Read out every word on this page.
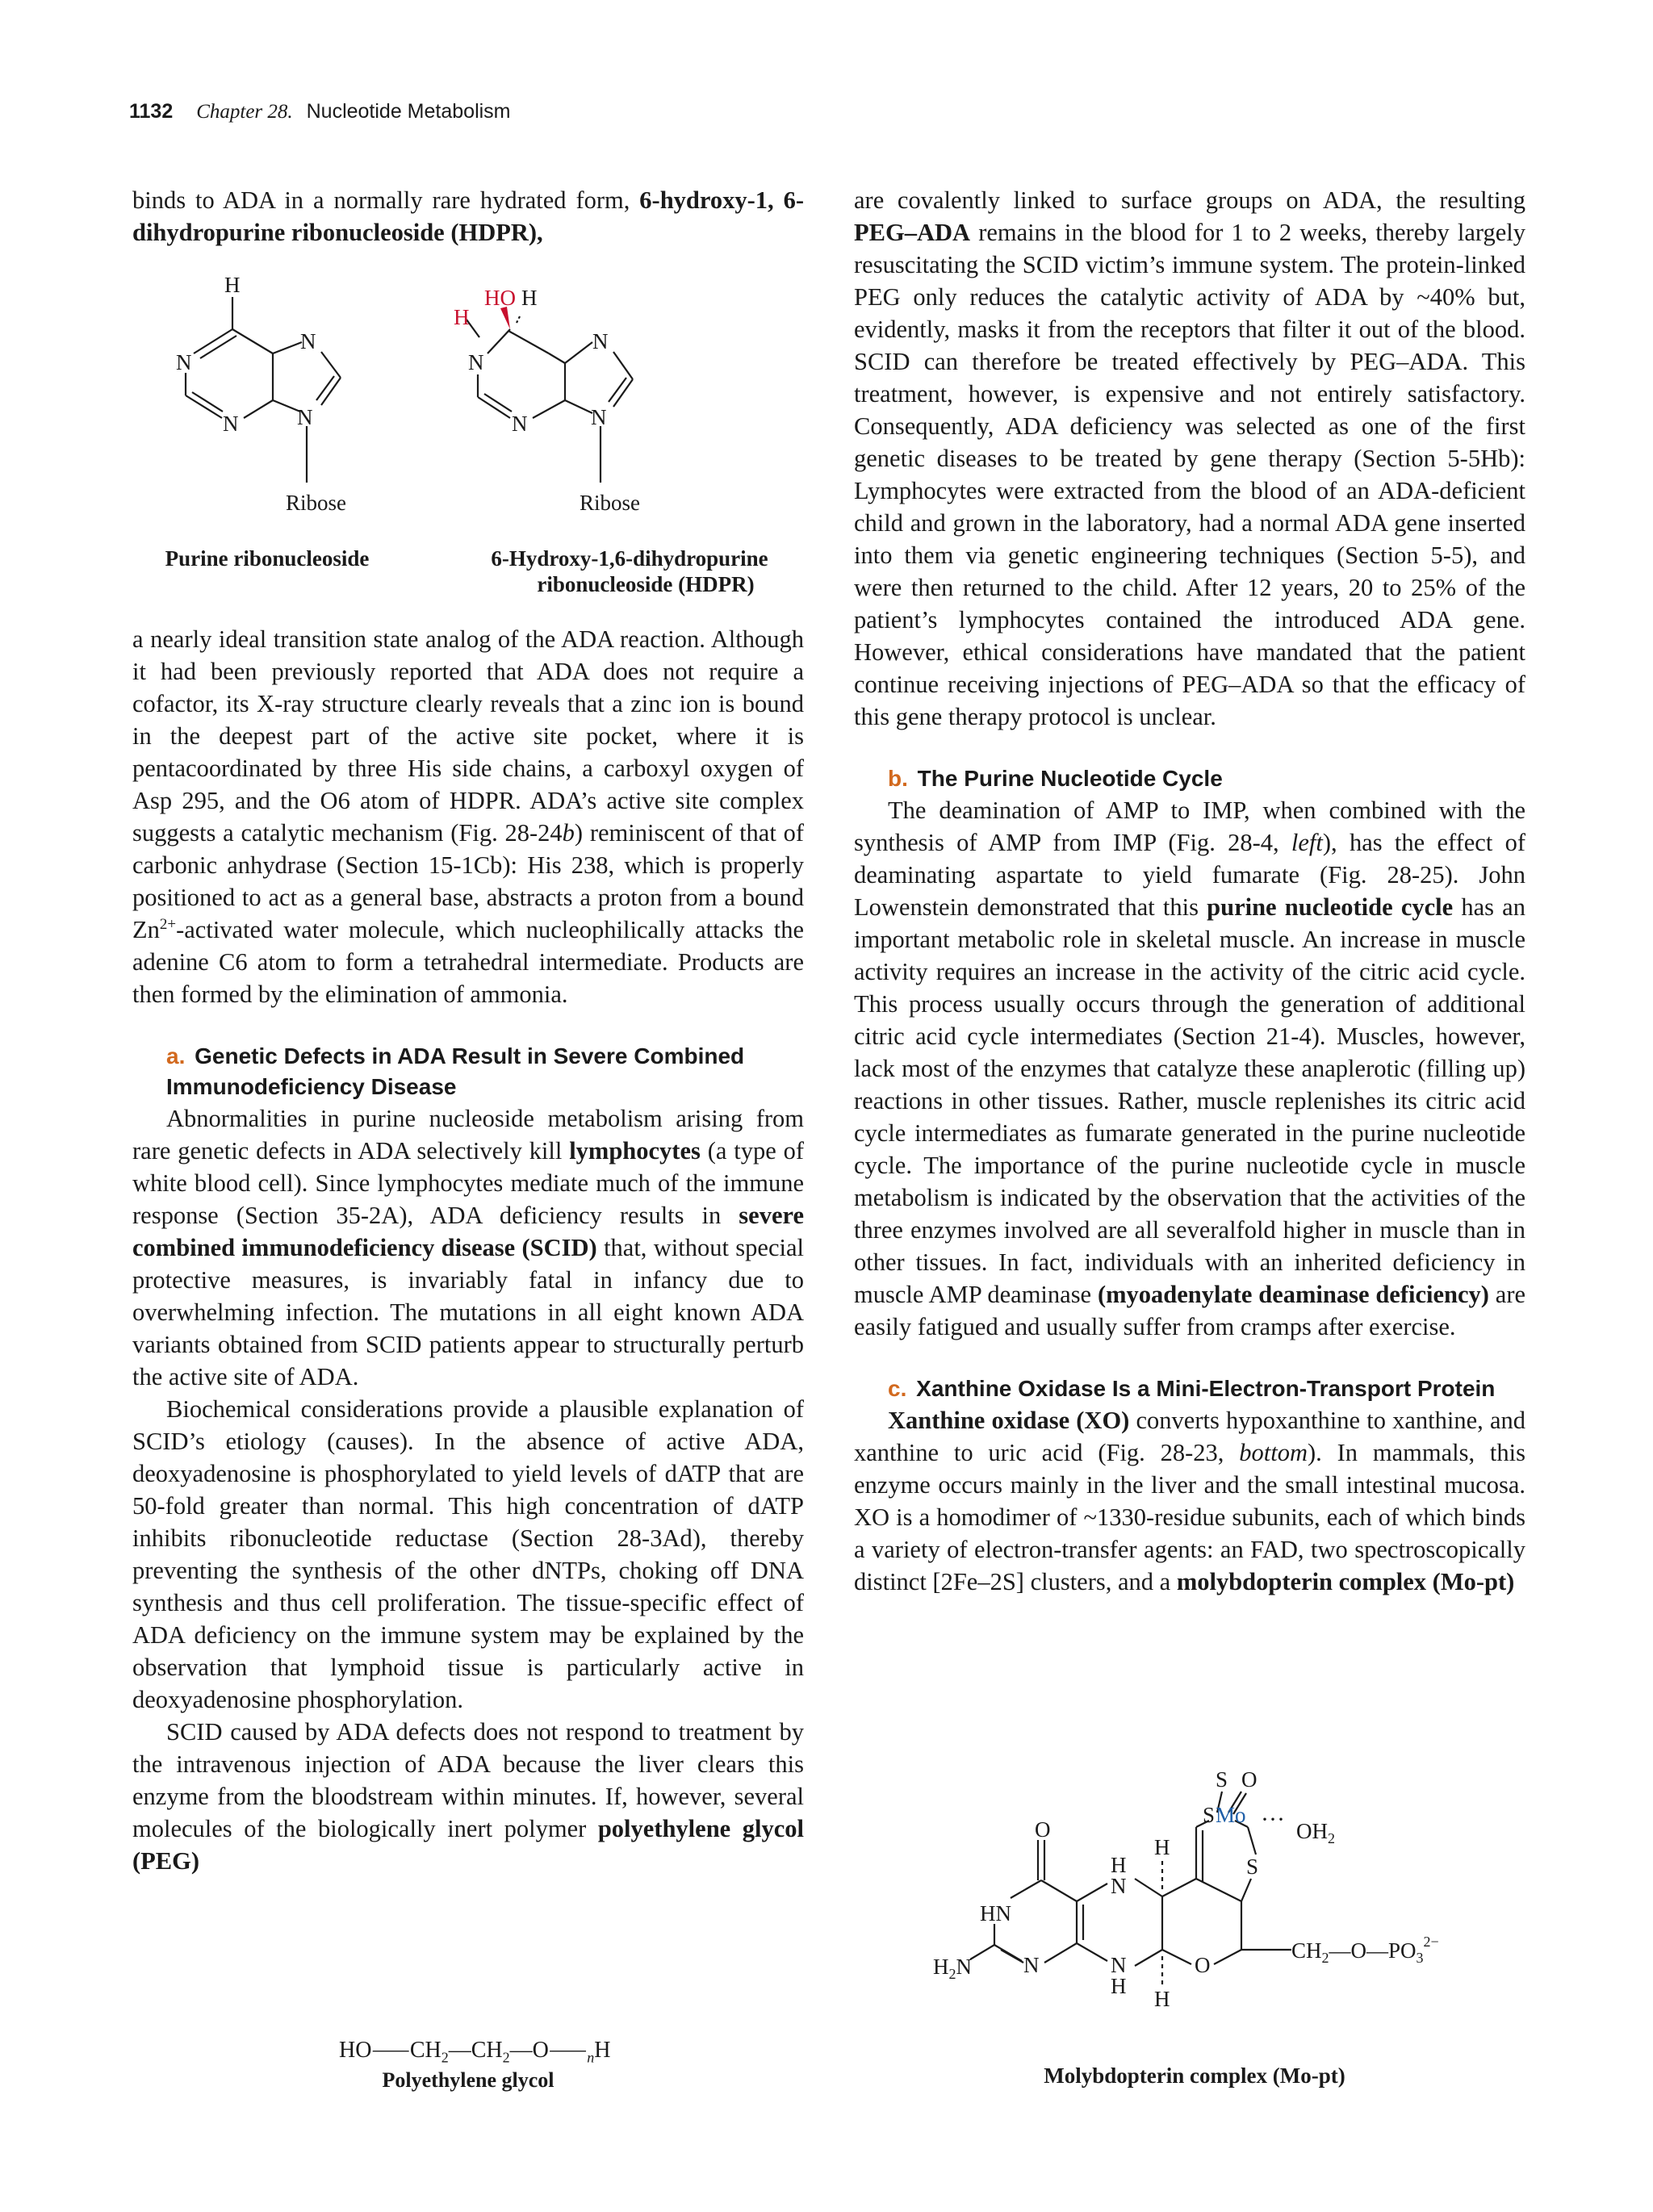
1132 Chapter 28. Nucleotide Metabolism

binds to ADA in a normally rare hydrated form, 6-hydroxy-1, 6-dihydropurine ribonucleoside (HDPR),

H
N
N
N
N
Ribose
HO H
H
N
N
N
N
Ribose
Purine ribonucleoside	6-Hydroxy-1,6-dihydropurine
ribonucleoside (HDPR)

a nearly ideal transition state analog of the ADA reaction. Although it had been previously reported that ADA does not require a cofactor, its X-ray structure clearly reveals that a zinc ion is bound in the deepest part of the active site pocket, where it is pentacoordinated by three His side chains, a carboxyl oxygen of Asp 295, and the O6 atom of HDPR. ADA’s active site complex suggests a catalytic mechanism (Fig. 28-24b) reminiscent of that of carbonic anhydrase (Section 15-1Cb): His 238, which is properly positioned to act as a general base, abstracts a proton from a bound $Zn^{2+}$-activated water molecule, which nucleophilically attacks the adenine C6 atom to form a tetrahedral intermediate. Products are then formed by the elimination of ammonia.

a. Genetic Defects in ADA Result in Severe Combined Immunodeficiency Disease

Abnormalities in purine nucleoside metabolism arising from rare genetic defects in ADA selectively kill lymphocytes (a type of white blood cell). Since lymphocytes mediate much of the immune response (Section 35-2A), ADA deficiency results in severe combined immunodeficiency disease (SCID) that, without special protective measures, is invariably fatal in infancy due to overwhelming infection. The mutations in all eight known ADA variants obtained from SCID patients appear to structurally perturb the active site of ADA.

Biochemical considerations provide a plausible explanation of SCID’s etiology (causes). In the absence of active ADA, deoxyadenosine is phosphorylated to yield levels of dATP that are 50-fold greater than normal. This high concentration of dATP inhibits ribonucleotide reductase (Section 28-3Ad), thereby preventing the synthesis of the other dNTPs, choking off DNA synthesis and thus cell proliferation. The tissue-specific effect of ADA deficiency on the immune system may be explained by the observation that lymphoid tissue is particularly active in deoxyadenosine phosphorylation.

SCID caused by ADA defects does not respond to treatment by the intravenous injection of ADA because the liver clears this enzyme from the bloodstream within minutes. If, however, several molecules of the biologically inert polymer polyethylene glycol (PEG)

$HO⸺CH_2—CH_2—O⸺_nH$
Polyethylene glycol

are covalently linked to surface groups on ADA, the resulting PEG–ADA remains in the blood for 1 to 2 weeks, thereby largely resuscitating the SCID victim’s immune system. The protein-linked PEG only reduces the catalytic activity of ADA by ~40% but, evidently, masks it from the receptors that filter it out of the blood. SCID can therefore be treated effectively by PEG–ADA. This treatment, however, is expensive and not entirely satisfactory. Consequently, ADA deficiency was selected as one of the first genetic diseases to be treated by gene therapy (Section 5-5Hb): Lymphocytes were extracted from the blood of an ADA-deficient child and grown in the laboratory, had a normal ADA gene inserted into them via genetic engineering techniques (Section 5-5), and were then returned to the child. After 12 years, 20 to 25% of the patient’s lymphocytes contained the introduced ADA gene. However, ethical considerations have mandated that the patient continue receiving injections of PEG–ADA so that the efficacy of this gene therapy protocol is unclear.

b. The Purine Nucleotide Cycle

The deamination of AMP to IMP, when combined with the synthesis of AMP from IMP (Fig. 28-4, left), has the effect of deaminating aspartate to yield fumarate (Fig. 28-25). John Lowenstein demonstrated that this purine nucleotide cycle has an important metabolic role in skeletal muscle. An increase in muscle activity requires an increase in the activity of the citric acid cycle. This process usually occurs through the generation of additional citric acid cycle intermediates (Section 21-4). Muscles, however, lack most of the enzymes that catalyze these anaplerotic (filling up) reactions in other tissues. Rather, muscle replenishes its citric acid cycle intermediates as fumarate generated in the purine nucleotide cycle. The importance of the purine nucleotide cycle in muscle metabolism is indicated by the observation that the activities of the three enzymes involved are all severalfold higher in muscle than in other tissues. In fact, individuals with an inherited deficiency in muscle AMP deaminase (myoadenylate deaminase deficiency) are easily fatigued and usually suffer from cramps after exercise.

c. Xanthine Oxidase Is a Mini-Electron-Transport Protein

Xanthine oxidase (XO) converts hypoxanthine to xanthine, and xanthine to uric acid (Fig. 28-23, bottom). In mammals, this enzyme occurs mainly in the liver and the small intestinal mucosa. XO is a homodimer of ~1330-residue subunits, each of which binds a variety of electron-transfer agents: an FAD, two spectroscopically distinct [2Fe–2S] clusters, and a molybdopterin complex (Mo-pt)

O
HN
$H_2N$ N
H
N
N
H
H
H
O
S
S
S O
Mo ··· $OH_2$
$CH_2—O—PO_3^{2-}$
Molybdopterin complex (Mo-pt)
